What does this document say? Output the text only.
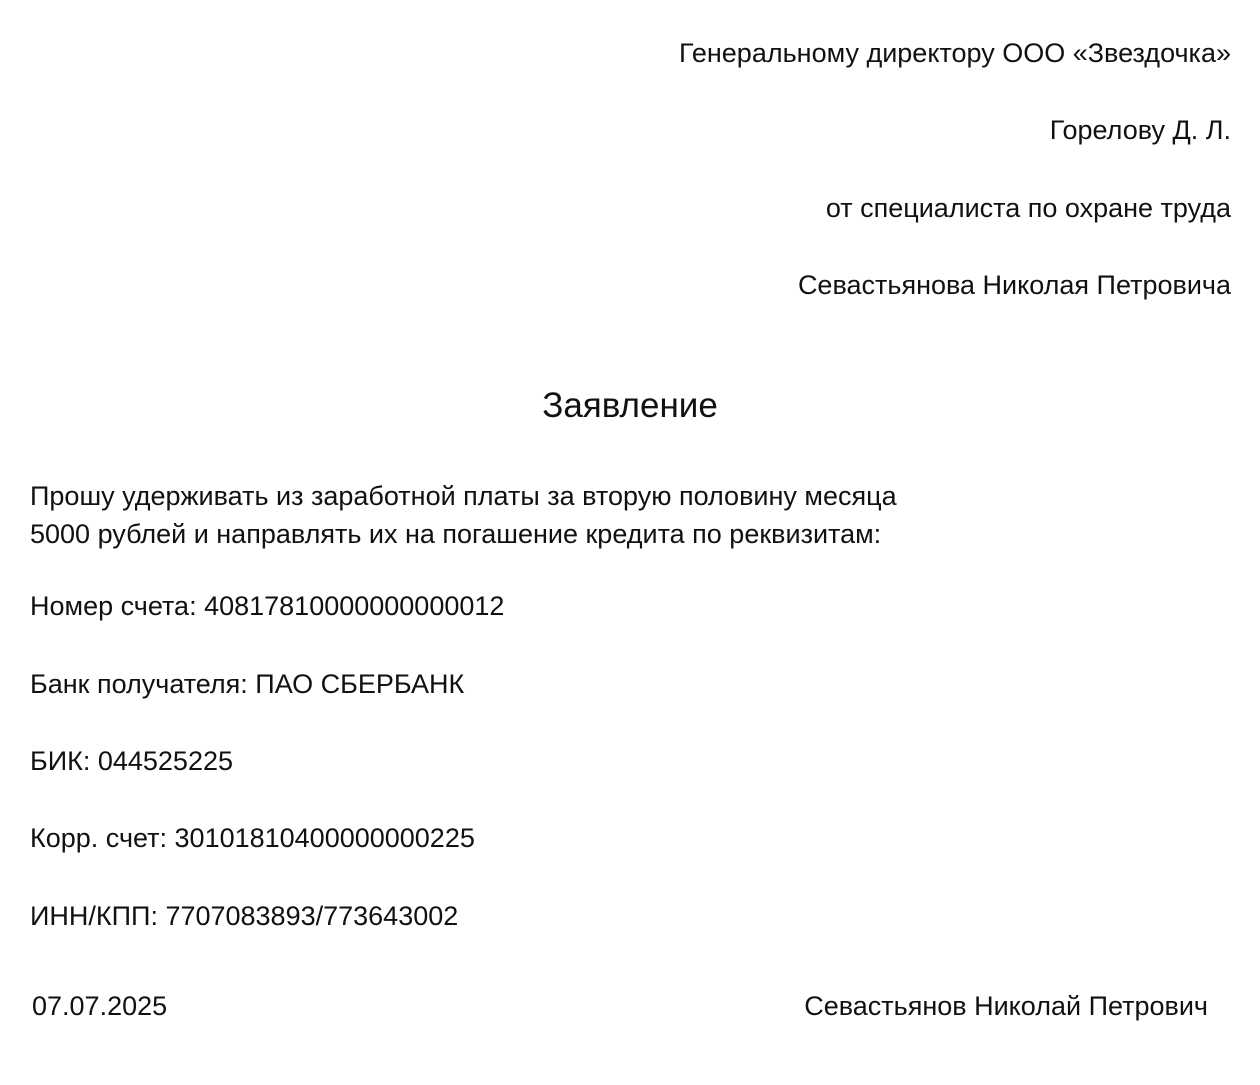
Генеральному директору ООО «Звездочка»
Горелову Д. Л.
от специалиста по охране труда
Севастьянова Николая Петровича
Заявление
Прошу удерживать из заработной платы за вторую половину месяца
5000 рублей и направлять их на погашение кредита по реквизитам:
Номер счета: 40817810000000000012
Банк получателя: ПАО СБЕРБАНК
БИК: 044525225
Корр. счет: 30101810400000000225
ИНН/КПП: 7707083893/773643002
07.07.2025	Севастьянов Николай Петрович
